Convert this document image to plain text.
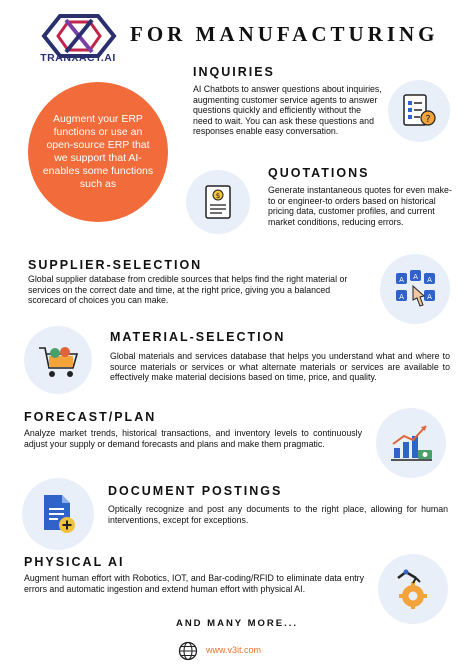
TRANXACT.AI
FOR MANUFACTURING
Augment your ERP functions or use an open-source ERP that we support that AI-enables some functions such as
INQUIRIES
AI Chatbots to answer questions about inquiries, augmenting customer service agents to answer questions quickly and efficiently without the need to wait. You can ask these questions and responses enable easy conversation.
?
$
QUOTATIONS
Generate instantaneous quotes for even make-to or engineer-to orders based on historical pricing data, customer profiles, and current market conditions, reducing errors.
SUPPLIER-SELECTION
Global supplier database from credible sources that helps find the right material or services on the correct date and time, at the right price, giving you a balanced scorecard of choices you can make.
A A A
A	A
MATERIAL-SELECTION
Global materials and services database that helps you understand what and where to source materials or services or what alternate materials or services are available to effectively make material decisions based on time, price, and quality.
FORECAST/PLAN
Analyze market trends, historical transactions, and inventory levels to continuously adjust your supply or demand forecasts and plans and make them pragmatic.
DOCUMENT POSTINGS
Optically recognize and post any documents to the right place, allowing for human interventions, except for exceptions.
PHYSICAL AI
Augment human effort with Robotics, IOT, and Bar-coding/RFID to eliminate data entry errors and automatic ingestion and extend human effort with physical AI.
AND MANY MORE...
www.v3it.com
